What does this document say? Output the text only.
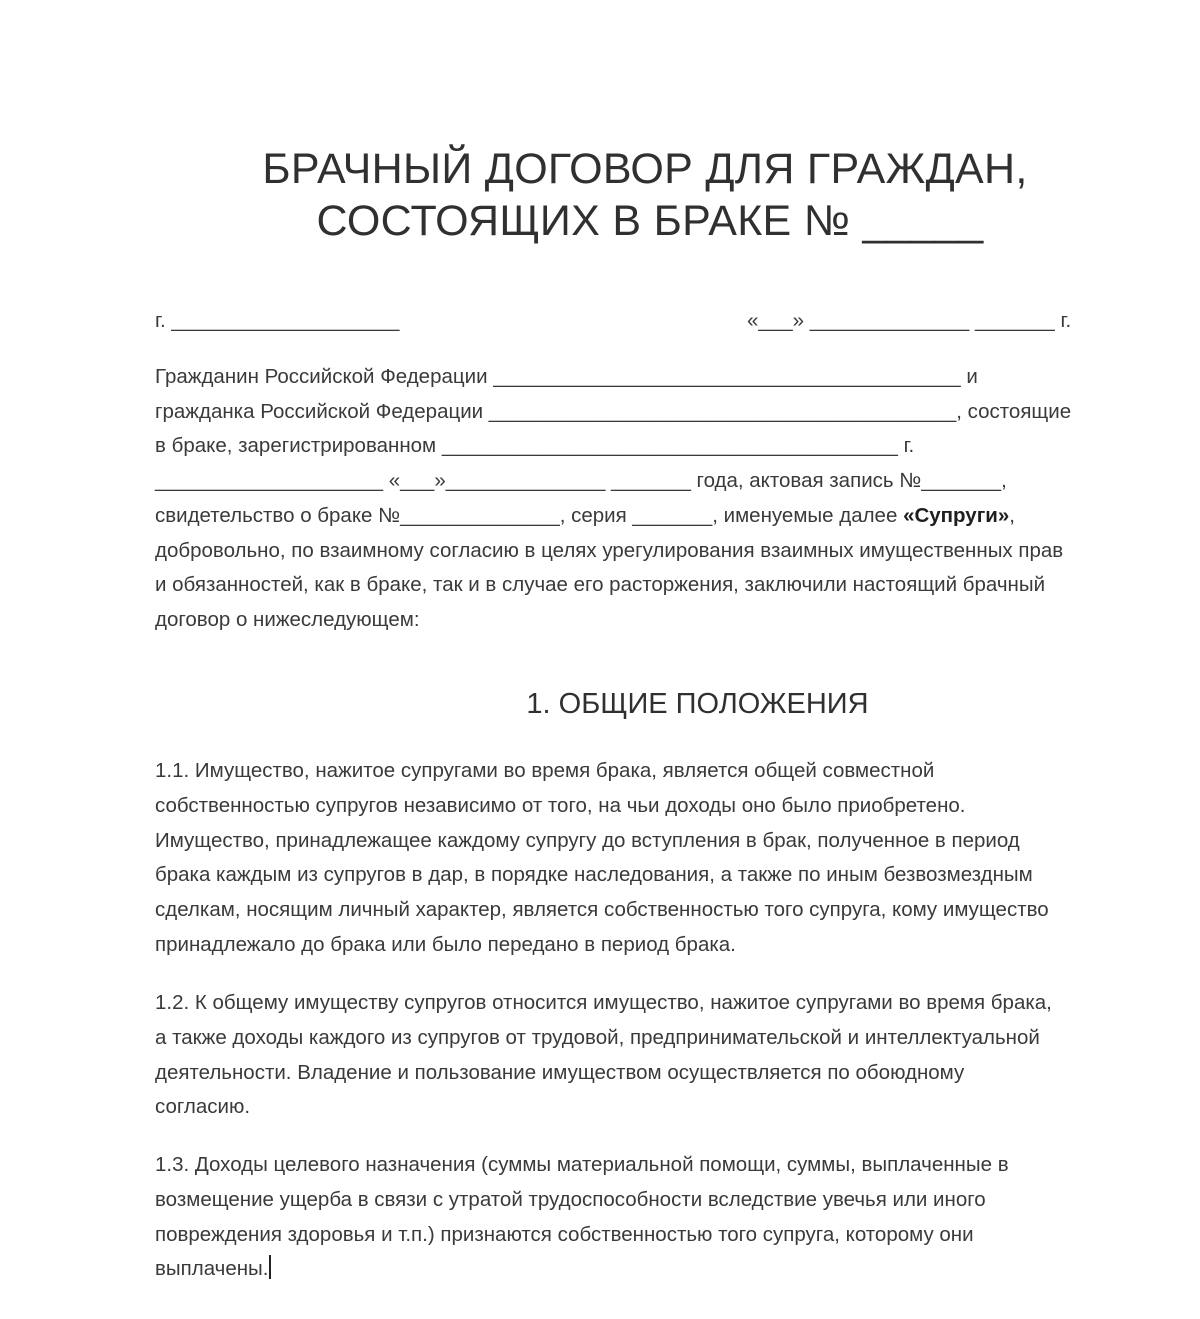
БРАЧНЫЙ ДОГОВОР ДЛЯ ГРАЖДАН,
СОСТОЯЩИХ В БРАКЕ № _____
г. ____________________	«___» ______________ _______ г.
Гражданин Российской Федерации _________________________________________ и
гражданка Российской Федерации _________________________________________, состоящие
в браке, зарегистрированном ________________________________________ г.
____________________ «___»______________ _______ года, актовая запись №_______,
свидетельство о браке №______________, серия _______, именуемые далее «Супруги»,
добровольно, по взаимному согласию в целях урегулирования взаимных имущественных прав
и обязанностей, как в браке, так и в случае его расторжения, заключили настоящий брачный
договор о нижеследующем:
1. ОБЩИЕ ПОЛОЖЕНИЯ
1.1. Имущество, нажитое супругами во время брака, является общей совместной
собственностью супругов независимо от того, на чьи доходы оно было приобретено.
Имущество, принадлежащее каждому супругу до вступления в брак, полученное в период
брака каждым из супругов в дар, в порядке наследования, а также по иным безвозмездным
сделкам, носящим личный характер, является собственностью того супруга, кому имущество
принадлежало до брака или было передано в период брака.
1.2. К общему имуществу супругов относится имущество, нажитое супругами во время брака,
а также доходы каждого из супругов от трудовой, предпринимательской и интеллектуальной
деятельности. Владение и пользование имуществом осуществляется по обоюдному
согласию.
1.3. Доходы целевого назначения (суммы материальной помощи, суммы, выплаченные в
возмещение ущерба в связи с утратой трудоспособности вследствие увечья или иного
повреждения здоровья и т.п.) признаются собственностью того супруга, которому они
выплачены.
